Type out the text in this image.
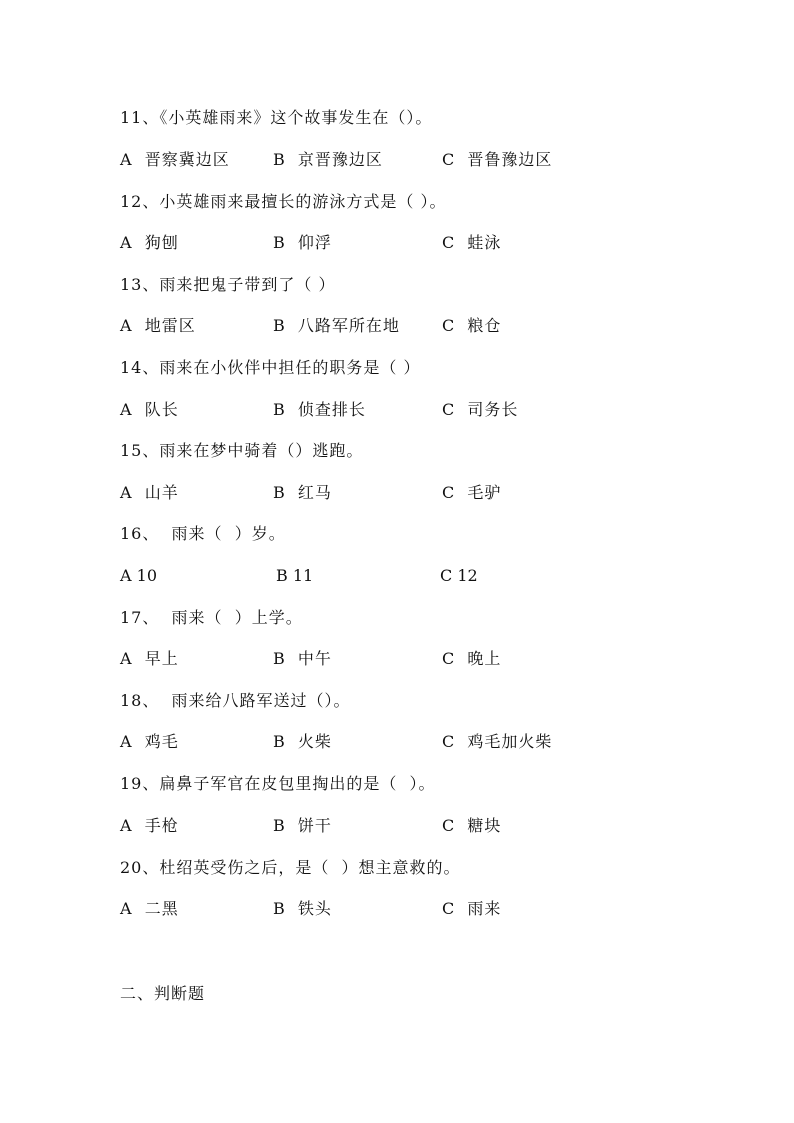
11、《小英雄雨来》这个故事发生在（）。
A  晋察冀边区	B  京晋豫边区	C  晋鲁豫边区
12、小英雄雨来最擅长的游泳方式是（ ）。
A  狗刨	B  仰浮	C  蛙泳
13、雨来把鬼子带到了（ ）
A  地雷区	B  八路军所在地	C  粮仓
14、雨来在小伙伴中担任的职务是（ ）
A  队长	B  侦查排长	C  司务长
15、雨来在梦中骑着（）逃跑。
A  山羊	B  红马	C  毛驴
16、  雨来（  ）岁。
A 10	B 11	C 12
17、  雨来（  ）上学。
A  早上	B  中午	C  晚上
18、  雨来给八路军送过（）。
A  鸡毛	B  火柴	C  鸡毛加火柴
19、扁鼻子军官在皮包里掏出的是（  ）。
A  手枪	B  饼干	C  糖块
20、杜绍英受伤之后，是（  ）想主意救的。
A  二黑	B  铁头	C  雨来
二、判断题
